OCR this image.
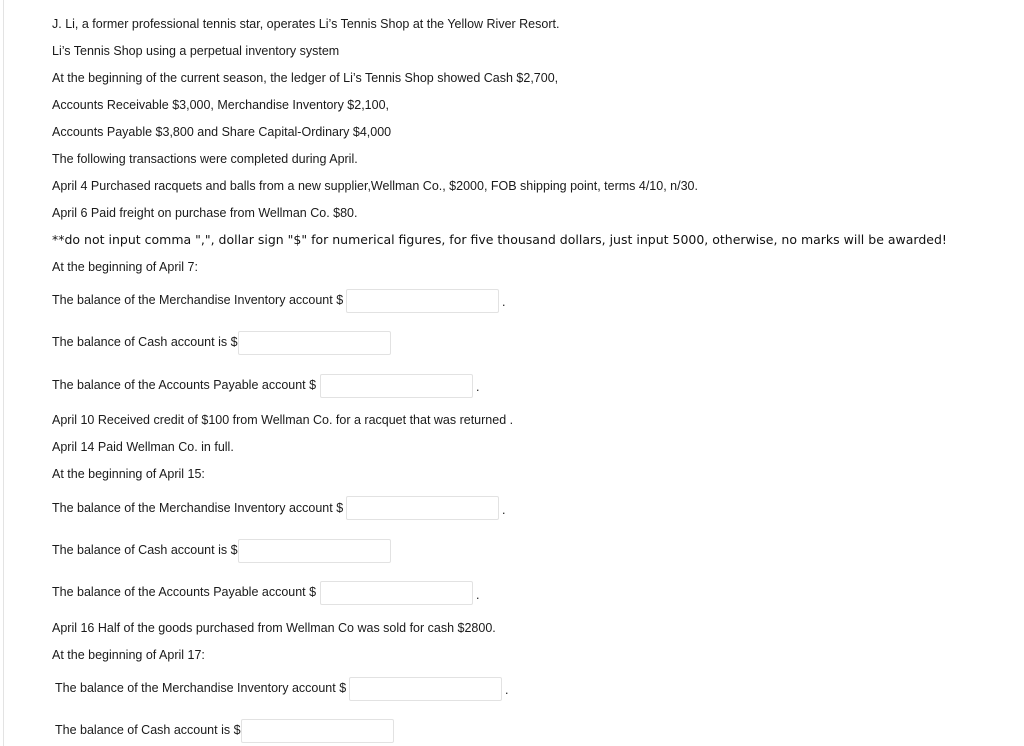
J. Li, a former professional tennis star, operates Li’s Tennis Shop at the Yellow River Resort.
Li’s Tennis Shop using a perpetual inventory system
At the beginning of the current season, the ledger of Li’s Tennis Shop showed Cash $2,700,
Accounts Receivable $3,000, Merchandise Inventory $2,100,
Accounts Payable $3,800 and Share Capital-Ordinary $4,000
The following transactions were completed during April.
April 4 Purchased racquets and balls from a new supplier,Wellman Co., $2000, FOB shipping point, terms 4/10, n/30.
April 6 Paid freight on purchase from Wellman Co. $80.
**do not input comma ",", dollar sign "$" for numerical figures, for five thousand dollars, just input 5000, otherwise, no marks will be awarded!
At the beginning of April 7:
The balance of the Merchandise Inventory account $	.
The balance of Cash account is $
The balance of the Accounts Payable account $	.
April 10 Received credit of $100 from Wellman Co. for a racquet that was returned .
April 14 Paid Wellman Co. in full.
At the beginning of April 15:
The balance of the Merchandise Inventory account $	.
The balance of Cash account is $
The balance of the Accounts Payable account $	.
April 16 Half of the goods purchased from Wellman Co was sold for cash $2800.
At the beginning of April 17:
The balance of the Merchandise Inventory account $	.
The balance of Cash account is $
